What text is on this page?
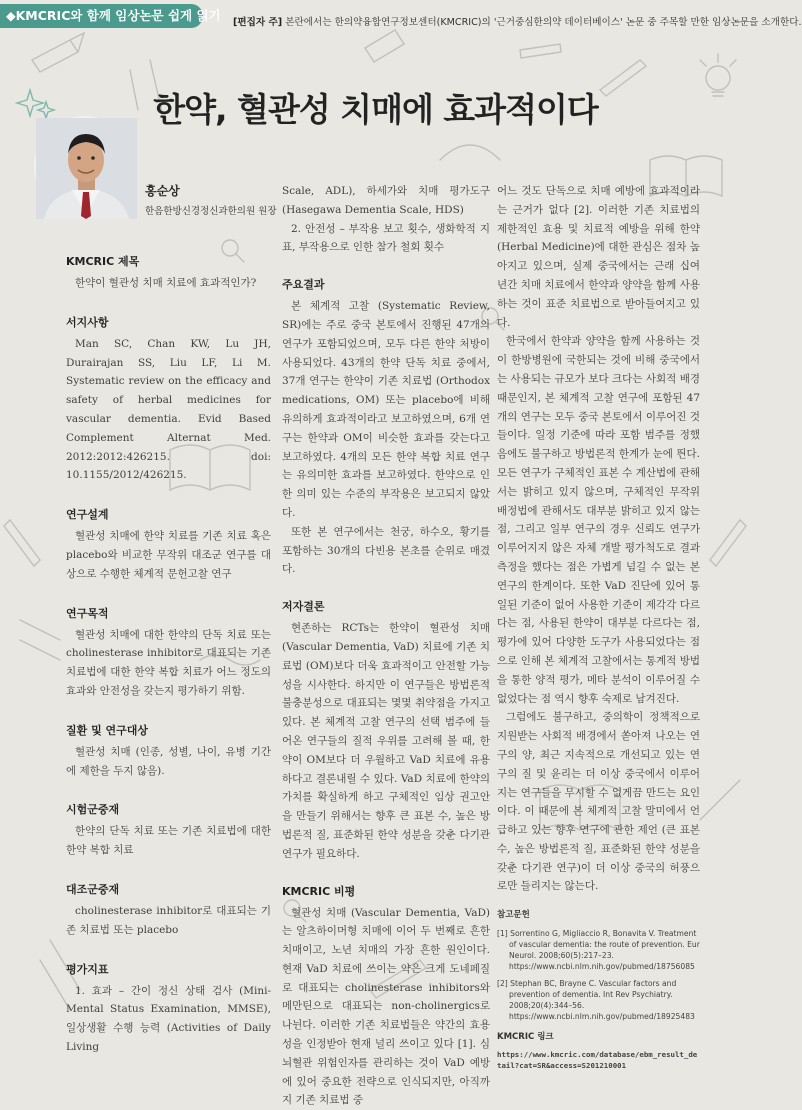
◆KMCRIC와 함께 임상논문 쉽게 읽기 [편집자 주] 본란에서는 한의약융합연구정보센터(KMCRIC)의 '근거중심한의약 데이터베이스' 논문 중 주목할 만한 임상논문을 소개한다.
한약, 혈관성 치매에 효과적이다
홍순상
한음한방신경정신과한의원 원장
KMCRIC 제목
한약이 혈관성 치매 치료에 효과적인가?
서지사항
Man SC, Chan KW, Lu JH, Durairajan SS, Liu LF, Li M. Systematic review on the efficacy and safety of herbal medicines for vascular dementia. Evid Based Complement Alternat Med. 2012:2012:426215. doi: 10.1155/2012/426215.
연구설계
혈관성 치매에 한약 치료를 기존 치료 혹은 placebo와 비교한 무작위 대조군 연구를 대상으로 수행한 체계적 문헌고찰 연구
연구목적
혈관성 치매에 대한 한약의 단독 치료 또는 cholinesterase inhibitor로 대표되는 기존 치료법에 대한 한약 복합 치료가 어느 정도의 효과와 안전성을 갖는지 평가하기 위함.
질환 및 연구대상
혈관성 치매 (인종, 성별, 나이, 유병 기간에 제한을 두지 않음).
시험군중재
한약의 단독 치료 또는 기존 치료법에 대한 한약 복합 치료
대조군중재
cholinesterase inhibitor로 대표되는 기존 치료법 또는 placebo
평가지표
1. 효과 – 간이 정신 상태 검사 (Mini-Mental Status Examination, MMSE), 일상생활 수행 능력 (Activities of Daily Living
Scale, ADL), 하세가와 치매 평가도구 (Hasegawa Dementia Scale, HDS)
2. 안전성 – 부작용 보고 횟수, 생화학적 지표, 부작용으로 인한 참가 철회 횟수
주요결과
본 체계적 고찰 (Systematic Review, SR)에는 주로 중국 본토에서 진행된 47개의 연구가 포함되었으며, 모두 다른 한약 처방이 사용되었다. 43개의 한약 단독 치료 중에서, 37개 연구는 한약이 기존 치료법 (Orthodox medications, OM) 또는 placebo에 비해 유의하게 효과적이라고 보고하였으며, 6개 연구는 한약과 OM이 비슷한 효과를 갖는다고 보고하였다. 4개의 모든 한약 복합 치료 연구는 유의미한 효과를 보고하였다. 한약으로 인한 의미 있는 수준의 부작용은 보고되지 않았다.
또한 본 연구에서는 천궁, 하수오, 황기를 포함하는 30개의 다빈용 본초를 순위로 매겼다.
저자결론
현존하는 RCTs는 한약이 혈관성 치매 (Vascular Dementia, VaD) 치료에 기존 치료법 (OM)보다 더욱 효과적이고 안전할 가능성을 시사한다. 하지만 이 연구들은 방법론적 불충분성으로 대표되는 몇몇 취약점을 가지고 있다. 본 체계적 고찰 연구의 선택 범주에 들어온 연구들의 질적 우위를 고려해 볼 때, 한약이 OM보다 더 우월하고 VaD 치료에 유용하다고 결론내릴 수 있다. VaD 치료에 한약의 가치를 확실하게 하고 구체적인 임상 권고안을 만들기 위해서는 향후 큰 표본 수, 높은 방법론적 질, 표준화된 한약 성분을 갖춘 다기관 연구가 필요하다.
KMCRIC 비평
혈관성 치매 (Vascular Dementia, VaD)는 알츠하이머형 치매에 이어 두 번째로 흔한 치매이고, 노년 치매의 가장 흔한 원인이다. 현재 VaD 치료에 쓰이는 약은 크게 도네페질로 대표되는 cholinesterase inhibitors와 메만틴으로 대표되는 non-cholinergics로 나뉜다. 이러한 기존 치료법들은 약간의 효용성을 인정받아 현재 널리 쓰이고 있다 [1]. 심뇌혈관 위험인자를 관리하는 것이 VaD 예방에 있어 중요한 전략으로 인식되지만, 아직까지 기존 치료법 중
어느 것도 단독으로 치매 예방에 효과적이라는 근거가 없다 [2]. 이러한 기존 치료법의 제한적인 효용 및 치료적 예방을 위해 한약 (Herbal Medicine)에 대한 관심은 점차 높아지고 있으며, 실제 중국에서는 근래 십여 년간 치매 치료에서 한약과 양약을 함께 사용하는 것이 표준 치료법으로 받아들여지고 있다.
한국에서 한약과 양약을 함께 사용하는 것이 한방병원에 국한되는 것에 비해 중국에서는 사용되는 규모가 보다 크다는 사회적 배경 때문인지, 본 체계적 고찰 연구에 포함된 47개의 연구는 모두 중국 본토에서 이루어진 것들이다. 일정 기준에 따라 포함 범주를 정했음에도 불구하고 방법론적 한계가 눈에 띈다. 모든 연구가 구체적인 표본 수 계산법에 관해서는 밝히고 있지 않으며, 구체적인 무작위 배정법에 관해서도 대부분 밝히고 있지 않는 점, 그리고 일부 연구의 경우 신뢰도 연구가 이루어지지 않은 자체 개발 평가척도로 결과 측정을 했다는 점은 가볍게 넘길 수 없는 본 연구의 한계이다. 또한 VaD 진단에 있어 통일된 기준이 없어 사용한 기준이 제각각 다르다는 점, 사용된 한약이 대부분 다르다는 점, 평가에 있어 다양한 도구가 사용되었다는 점으로 인해 본 체계적 고찰에서는 통계적 방법을 통한 양적 평가, 메타 분석이 이루어질 수 없었다는 점 역시 향후 숙제로 남겨진다.
그럼에도 불구하고, 중의학이 정책적으로 지원받는 사회적 배경에서 쏟아져 나오는 연구의 양, 최근 지속적으로 개선되고 있는 연구의 질 및 윤리는 더 이상 중국에서 이루어지는 연구들을 무시할 수 없게끔 만드는 요인이다. 이 때문에 본 체계적 고찰 말미에서 언급하고 있는 향후 연구에 관한 제언 (큰 표본 수, 높은 방법론적 질, 표준화된 한약 성분을 갖춘 다기관 연구)이 더 이상 중국의 허풍으로만 들리지는 않는다.
참고문헌
[1] Sorrentino G, Migliaccio R, Bonavita V. Treatment of vascular dementia: the route of prevention. Eur Neurol. 2008;60(5):217–23. https://www.ncbi.nlm.nih.gov/pubmed/18756085
[2] Stephan BC, Brayne C. Vascular factors and prevention of dementia. Int Rev Psychiatry. 2008;20(4):344–56. https://www.ncbi.nlm.nih.gov/pubmed/18925483
KMCRIC 링크
https://www.kmcric.com/database/ebm_result_detail?cat=SR&access=S201210001
